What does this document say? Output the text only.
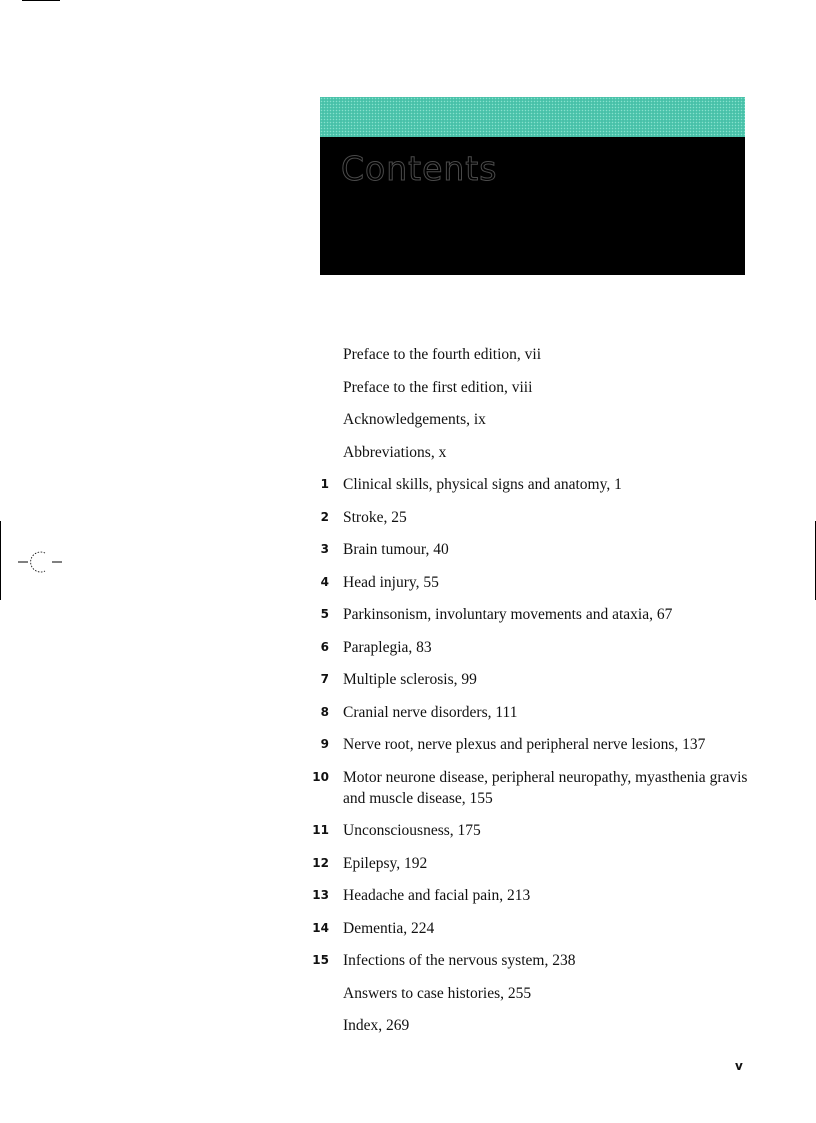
Contents
Preface to the fourth edition, vii
Preface to the first edition, viii
Acknowledgements, ix
Abbreviations, x
1 Clinical skills, physical signs and anatomy, 1
2 Stroke, 25
3 Brain tumour, 40
4 Head injury, 55
5 Parkinsonism, involuntary movements and ataxia, 67
6 Paraplegia, 83
7 Multiple sclerosis, 99
8 Cranial nerve disorders, 111
9 Nerve root, nerve plexus and peripheral nerve lesions, 137
10 Motor neurone disease, peripheral neuropathy, myasthenia gravis and muscle disease, 155
11 Unconsciousness, 175
12 Epilepsy, 192
13 Headache and facial pain, 213
14 Dementia, 224
15 Infections of the nervous system, 238
Answers to case histories, 255
Index, 269
v
